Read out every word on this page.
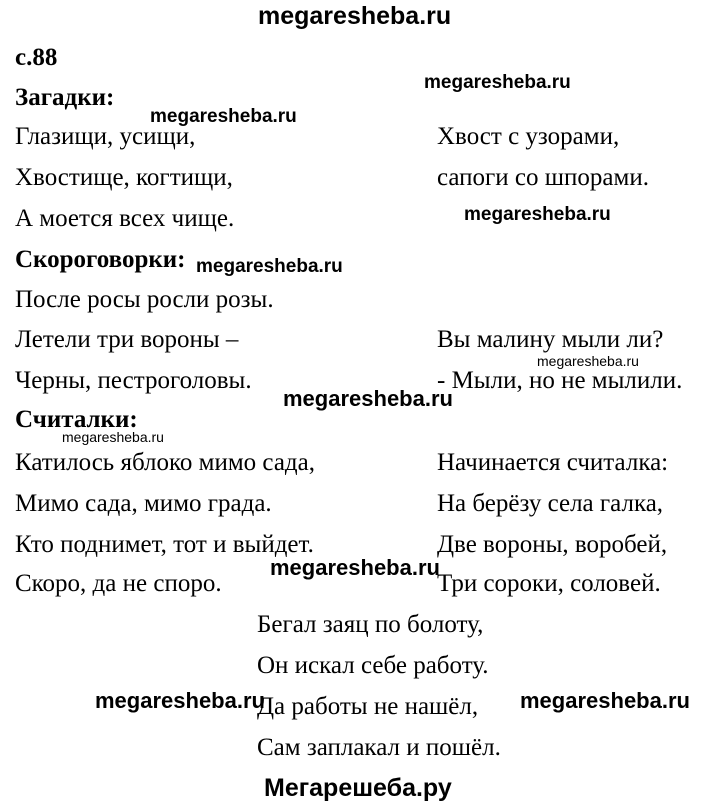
megaresheba.ru
с.88
Загадки:
Глазищи, усищи,
Хвостище, когтищи,
А моется всех чище.
Хвост с узорами,
сапоги со шпорами.
Скороговорки:
После росы росли розы.
Летели три вороны –
Черны, пестроголовы.
Вы малину мыли ли?
- Мыли, но не мылили.
Считалки:
Катилось яблоко мимо сада,
Мимо сада, мимо града.
Кто поднимет, тот и выйдет.
Скоро, да не споро.
Начинается считалка:
На берёзу села галка,
Две вороны, воробей,
Три сороки, соловей.
Бегал заяц по болоту,
Он искал себе работу.
Да работы не нашёл,
Сам заплакал и пошёл.
megaresheba.ru
megaresheba.ru
megaresheba.ru
megaresheba.ru
megaresheba.ru
megaresheba.ru
megaresheba.ru
megaresheba.ru
megaresheba.ru	megaresheba.ru
Мегарешеба.ру
